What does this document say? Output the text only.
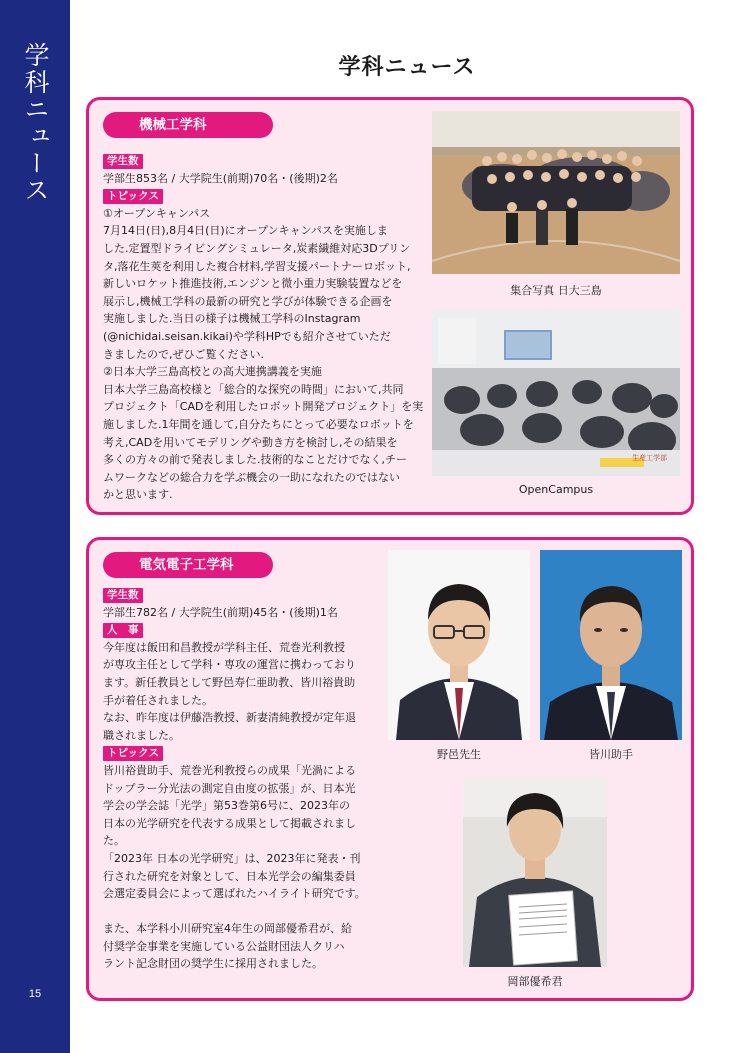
学科ニュース
15
学科ニュース
機械工学科
学生数
学部生853名 / 大学院生(前期)70名・(後期)2名
トピックス
①オープンキャンパス
7月14日(日),8月4日(日)にオープンキャンパスを実施しま
した.定置型ドライビングシミュレータ,炭素繊維対応3Dプリン
タ,落花生莢を利用した複合材料,学習支援パートナーロボット,
新しいロケット推進技術,エンジンと微小重力実験装置などを
展示し,機械工学科の最新の研究と学びが体験できる企画を
実施しました.当日の様子は機械工学科のInstagram
(@nichidai.seisan.kikai)や学科HPでも紹介させていただ
きましたので,ぜひご覧ください.
②日本大学三島高校との高大連携講義を実施
日本大学三島高校様と「総合的な探究の時間」において,共同
プロジェクト「CADを利用したロボット開発プロジェクト」を実
施しました.1年間を通して,自分たちにとって必要なロボットを
考え,CADを用いてモデリングや動き方を検討し,その結果を
多くの方々の前で発表しました.技術的なことだけでなく,チー
ムワークなどの総合力を学ぶ機会の一助になれたのではない
かと思います.
集合写真 日大三島
生産工学部
OpenCampus
電気電子工学科
学生数
学部生782名 / 大学院生(前期)45名・(後期)1名
人　事
今年度は飯田和昌教授が学科主任、荒巻光利教授
が専攻主任として学科・専攻の運営に携わっており
ます。新任教員として野邑寿仁亜助教、皆川裕貴助
手が着任されました。
なお、昨年度は伊藤浩教授、新妻清純教授が定年退
職されました。
トピックス
皆川裕貴助手、荒巻光利教授らの成果「光渦による
ドップラー分光法の測定自由度の拡張」が、日本光
学会の学会誌「光学」第53巻第6号に、2023年の
日本の光学研究を代表する成果として掲載されまし
た。
「2023年 日本の光学研究」は、2023年に発表・刊
行された研究を対象として、日本光学会の編集委員
会選定委員会によって選ばれたハイライト研究です。
また、本学科小川研究室4年生の岡部優希君が、給
付奨学金事業を実施している公益財団法人クリハ
ラント記念財団の奨学生に採用されました。
野邑先生	皆川助手
岡部優希君
